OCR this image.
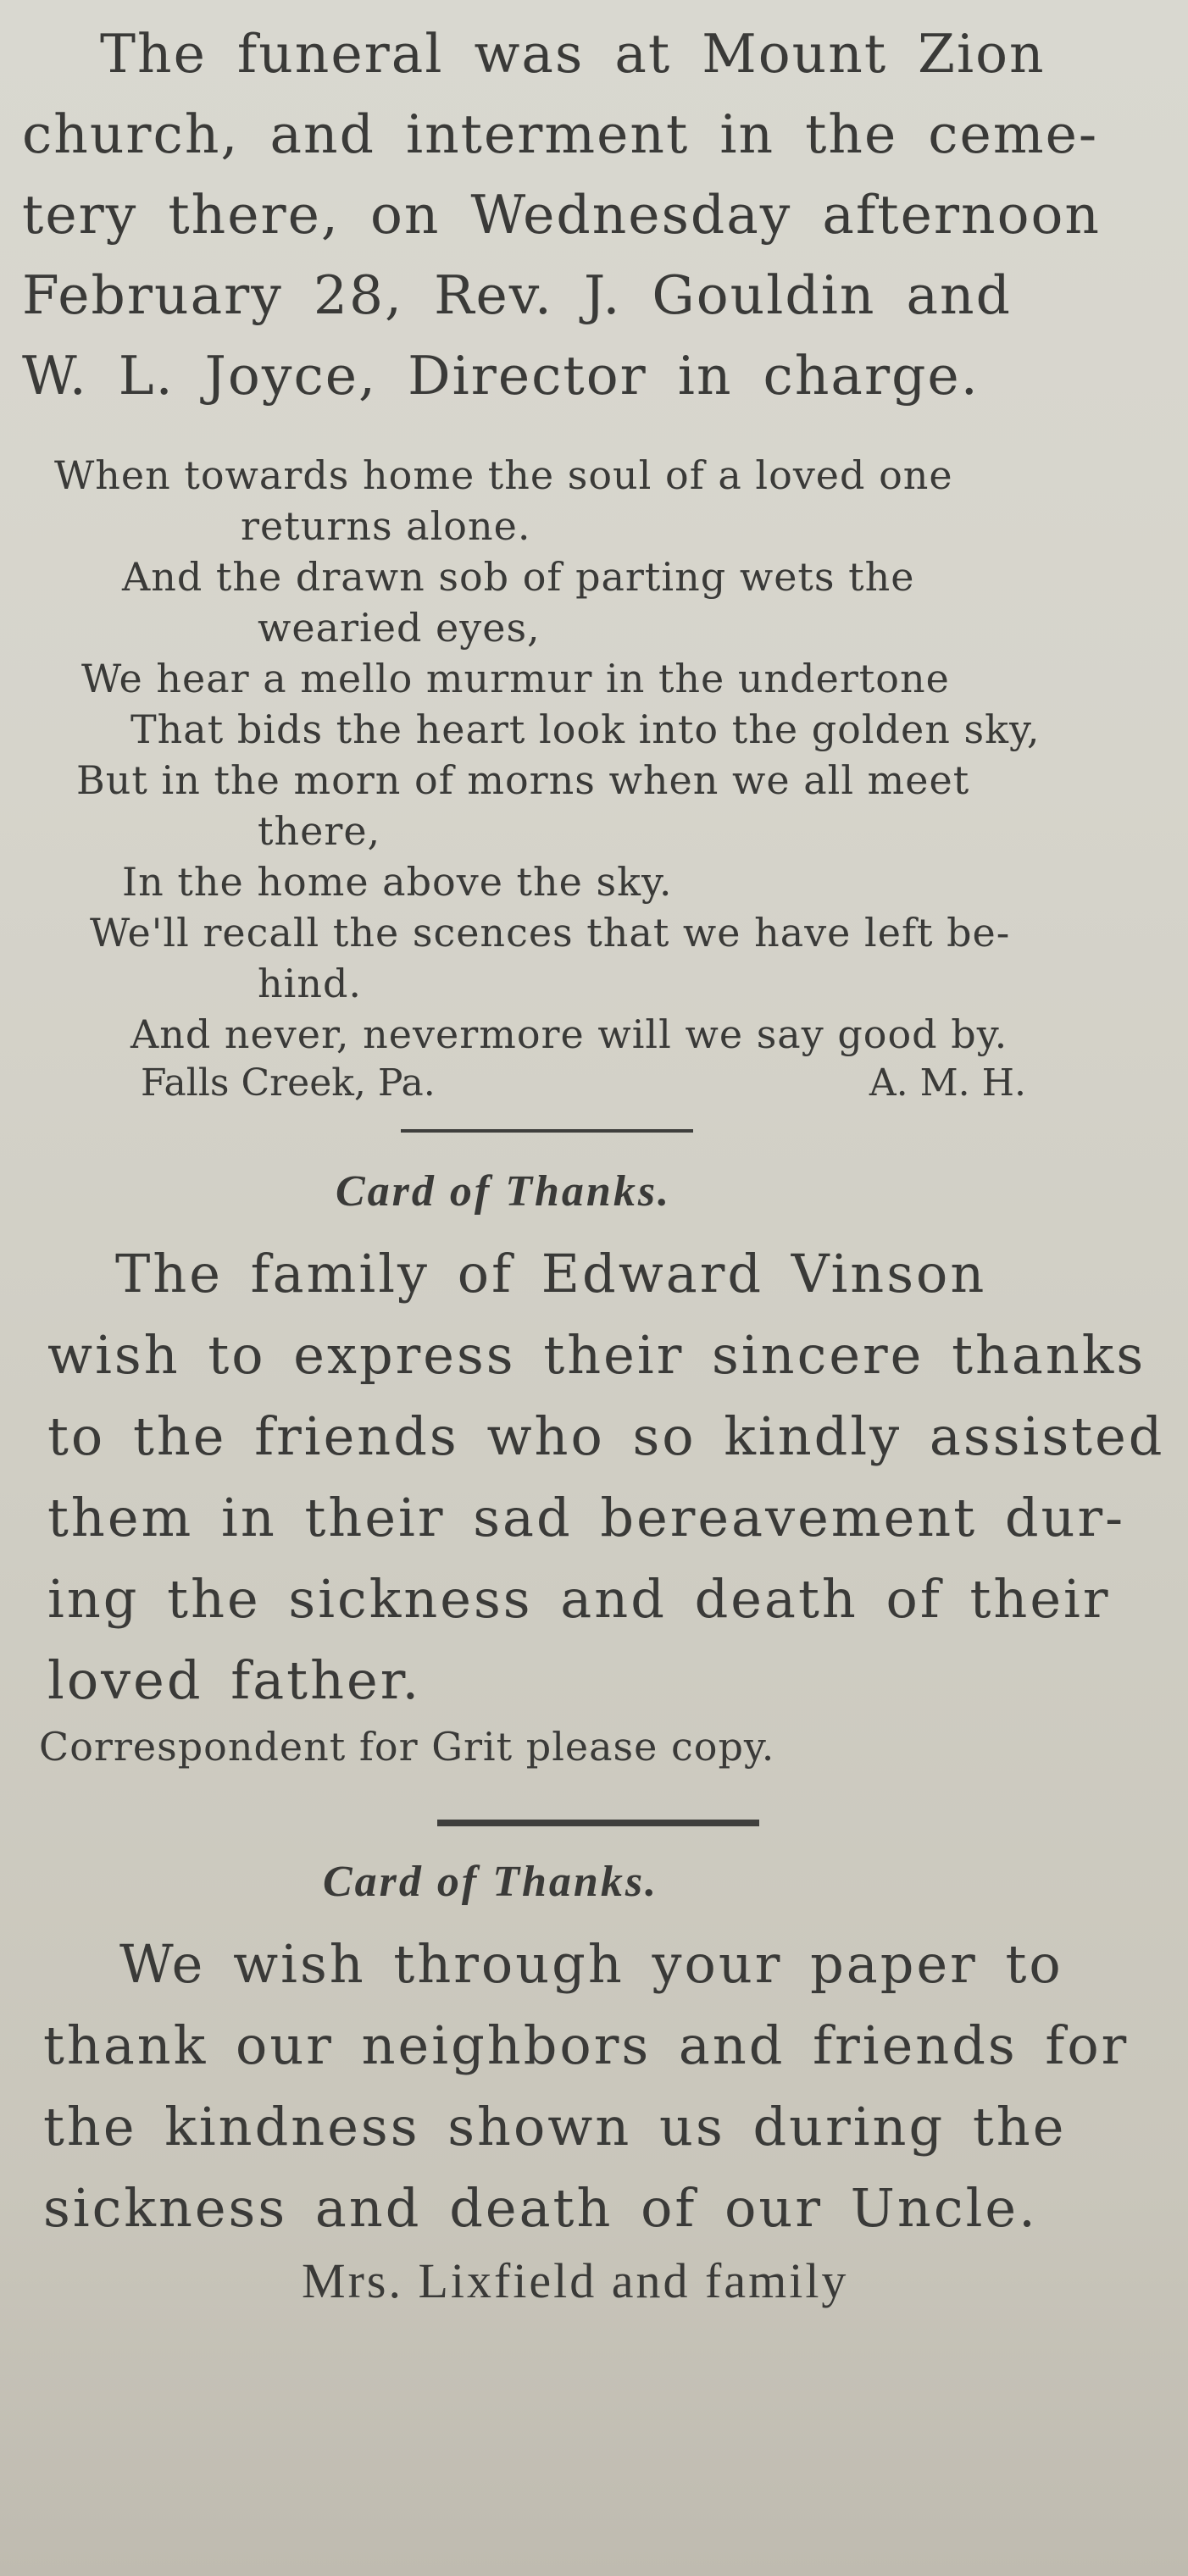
The funeral was at Mount Zion
church, and interment in the ceme-
tery there, on Wednesday afternoon
February 28, Rev. J. Gouldin and
W. L. Joyce, Director in charge.
When towards home the soul of a loved one
returns alone.
And the drawn sob of parting wets the
wearied eyes,
We hear a mello murmur in the undertone
That bids the heart look into the golden sky,
But in the morn of morns when we all meet
there,
In the home above the sky.
We'll recall the scences that we have left be-
hind.
And never, nevermore will we say good by.
Falls Creek, Pa.	A. M. H.
Card of Thanks.
The family of Edward Vinson
wish to express their sincere thanks
to the friends who so kindly assisted
them in their sad bereavement dur-
ing the sickness and death of their
loved father.
Correspondent for Grit please copy.
Card of Thanks.
We wish through your paper to
thank our neighbors and friends for
the kindness shown us during the
sickness and death of our Uncle.
Mrs. Lixfield and family
